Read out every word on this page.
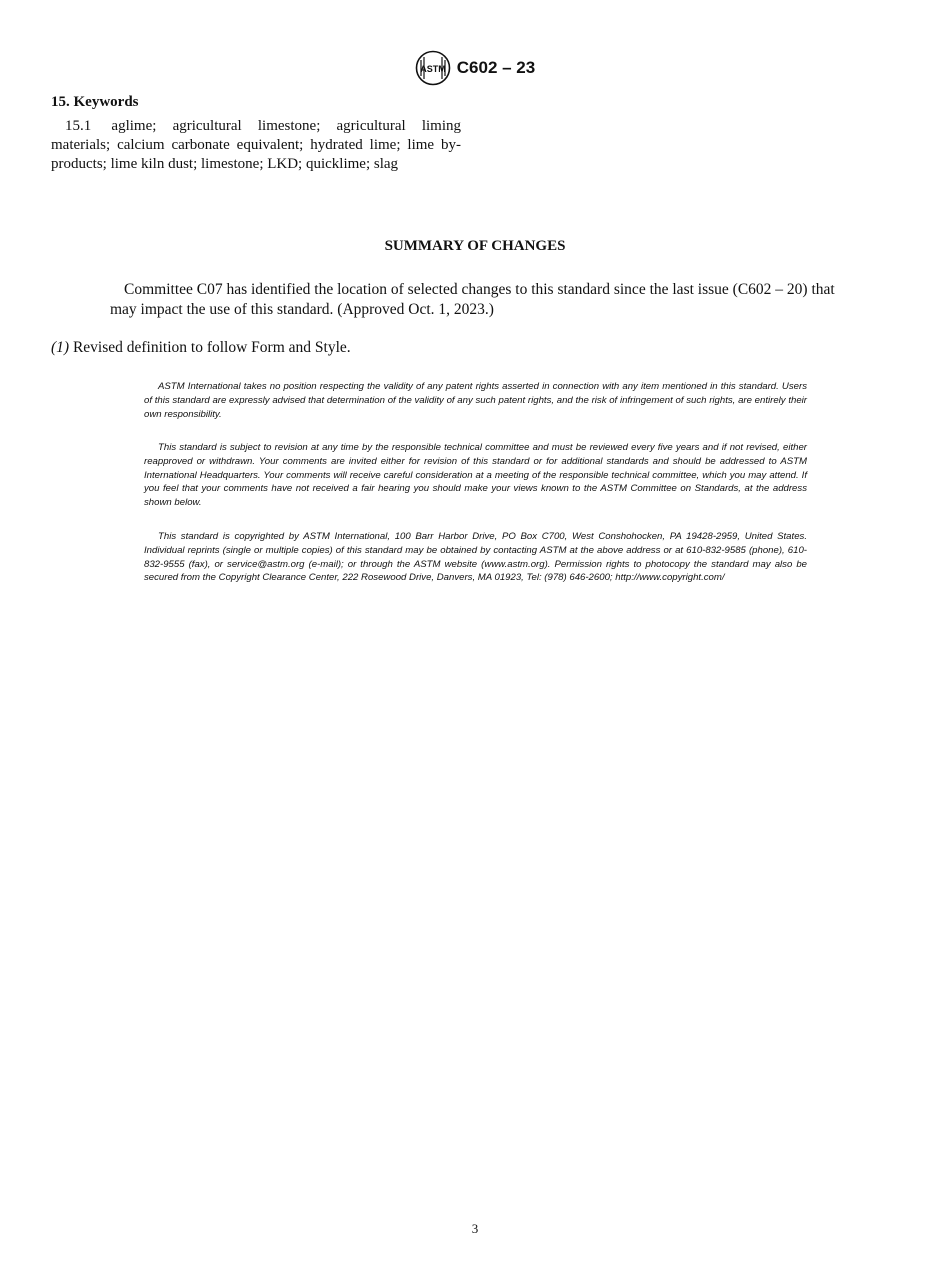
ASTM C602 – 23
15. Keywords

15.1 aglime; agricultural limestone; agricultural liming materials; calcium carbonate equivalent; hydrated lime; lime by-products; lime kiln dust; limestone; LKD; quicklime; slag

SUMMARY OF CHANGES

Committee C07 has identified the location of selected changes to this standard since the last issue (C602 – 20) that may impact the use of this standard. (Approved Oct. 1, 2023.)

(1) Revised definition to follow Form and Style.

ASTM International takes no position respecting the validity of any patent rights asserted in connection with any item mentioned in this standard. Users of this standard are expressly advised that determination of the validity of any such patent rights, and the risk of infringement of such rights, are entirely their own responsibility.

This standard is subject to revision at any time by the responsible technical committee and must be reviewed every five years and if not revised, either reapproved or withdrawn. Your comments are invited either for revision of this standard or for additional standards and should be addressed to ASTM International Headquarters. Your comments will receive careful consideration at a meeting of the responsible technical committee, which you may attend. If you feel that your comments have not received a fair hearing you should make your views known to the ASTM Committee on Standards, at the address shown below.

This standard is copyrighted by ASTM International, 100 Barr Harbor Drive, PO Box C700, West Conshohocken, PA 19428-2959, United States. Individual reprints (single or multiple copies) of this standard may be obtained by contacting ASTM at the above address or at 610-832-9585 (phone), 610-832-9555 (fax), or service@astm.org (e-mail); or through the ASTM website (www.astm.org). Permission rights to photocopy the standard may also be secured from the Copyright Clearance Center, 222 Rosewood Drive, Danvers, MA 01923, Tel: (978) 646-2600; http://www.copyright.com/

3
